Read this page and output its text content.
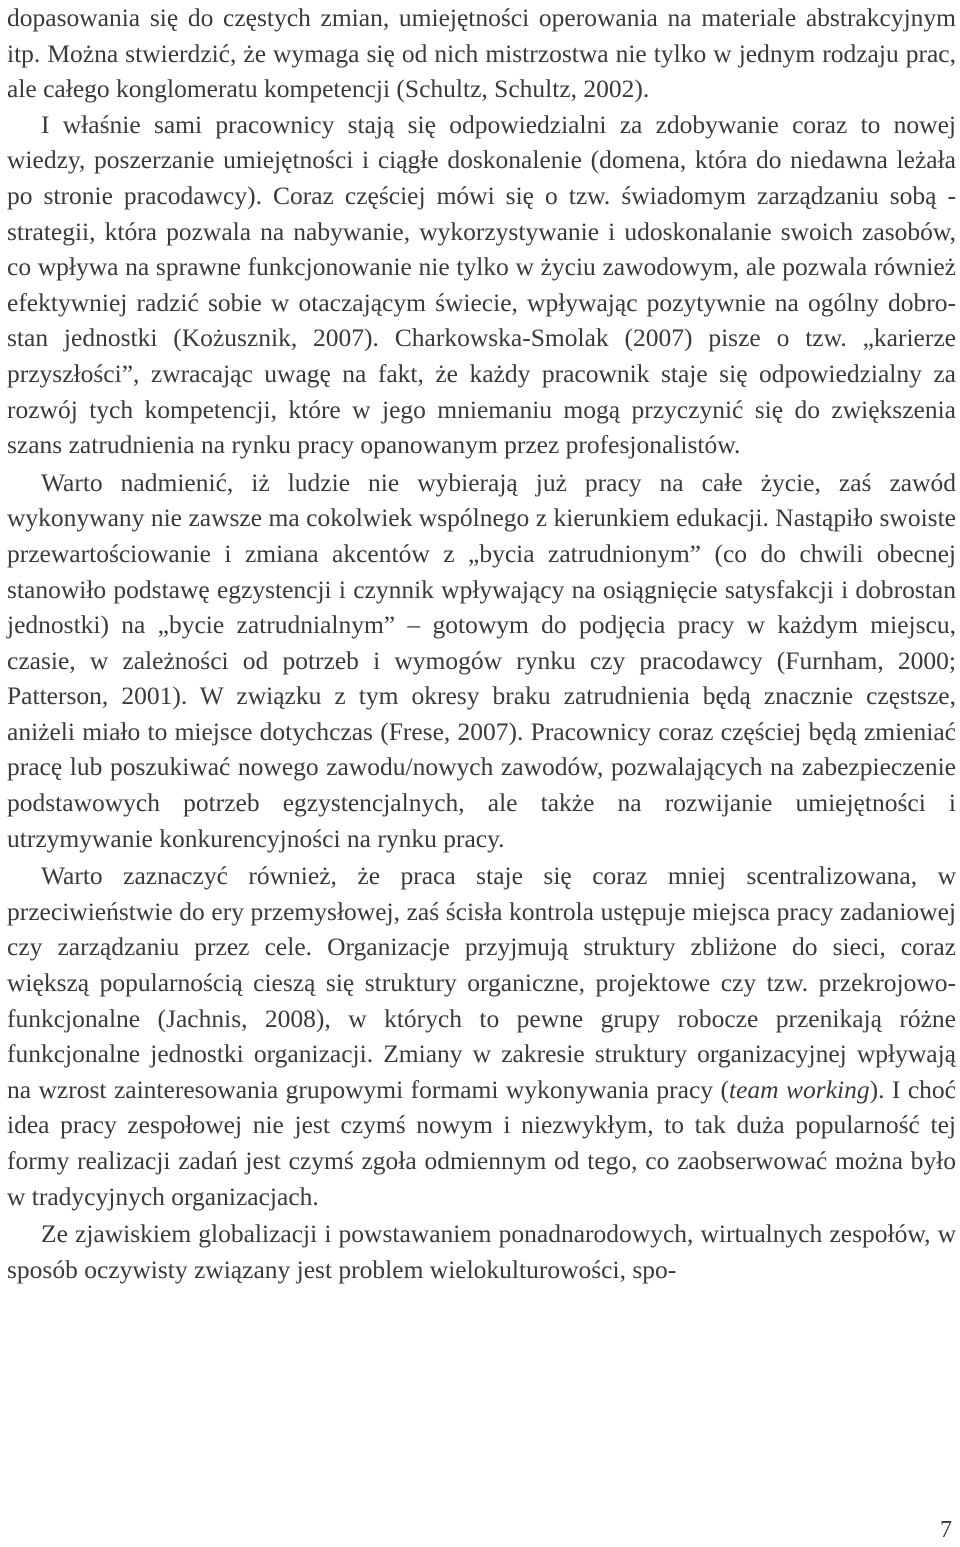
dopasowania się do częstych zmian, umiejętności operowania na materiale abstrakcyjnym itp. Można stwierdzić, że wymaga się od nich mistrzostwa nie tylko w jednym rodzaju prac, ale całego konglomeratu kompetencji (Schultz, Schultz, 2002).

I właśnie sami pracownicy stają się odpowiedzialni za zdobywanie coraz to nowej wiedzy, poszerzanie umiejętności i ciągłe doskonalenie (domena, która do niedawna leżała po stronie pracodawcy). Coraz częściej mówi się o tzw. świadomym zarządzaniu sobą - strategii, która pozwala na nabywanie, wykorzystywanie i udoskonalanie swoich zasobów, co wpływa na sprawne funkcjonowanie nie tylko w życiu zawodowym, ale pozwala również efektywniej radzić sobie w otaczającym świecie, wpływając pozytywnie na ogólny dobrostan jednostki (Kożusznik, 2007). Charkowska-Smolak (2007) pisze o tzw. „karierze przyszłości”, zwracając uwagę na fakt, że każdy pracownik staje się odpowiedzialny za rozwój tych kompetencji, które w jego mniemaniu mogą przyczynić się do zwiększenia szans zatrudnienia na rynku pracy opanowanym przez profesjonalistów.

Warto nadmienić, iż ludzie nie wybierają już pracy na całe życie, zaś zawód wykonywany nie zawsze ma cokolwiek wspólnego z kierunkiem edukacji. Nastąpiło swoiste przewartościowanie i zmiana akcentów z „bycia zatrudnionym” (co do chwili obecnej stanowiło podstawę egzystencji i czynnik wpływający na osiągnięcie satysfakcji i dobrostan jednostki) na „bycie zatrudnialnym” – gotowym do podjęcia pracy w każdym miejscu, czasie, w zależności od potrzeb i wymogów rynku czy pracodawcy (Furnham, 2000; Patterson, 2001). W związku z tym okresy braku zatrudnienia będą znacznie częstsze, aniżeli miało to miejsce dotychczas (Frese, 2007). Pracownicy coraz częściej będą zmieniać pracę lub poszukiwać nowego zawodu/nowych zawodów, pozwalających na zabezpieczenie podstawowych potrzeb egzystencjalnych, ale także na rozwijanie umiejętności i utrzymywanie konkurencyjności na rynku pracy.

Warto zaznaczyć również, że praca staje się coraz mniej scentralizowana, w przeciwieństwie do ery przemysłowej, zaś ścisła kontrola ustępuje miejsca pracy zadaniowej czy zarządzaniu przez cele. Organizacje przyjmują struktury zbliżone do sieci, coraz większą popularnością cieszą się struktury organiczne, projektowe czy tzw. przekrojowo-funkcjonalne (Jachnis, 2008), w których to pewne grupy robocze przenikają różne funkcjonalne jednostki organizacji. Zmiany w zakresie struktury organizacyjnej wpływają na wzrost zainteresowania grupowymi formami wykonywania pracy (team working). I choć idea pracy zespołowej nie jest czymś nowym i niezwykłym, to tak duża popularność tej formy realizacji zadań jest czymś zgoła odmiennym od tego, co zaobserwować można było w tradycyjnych organizacjach.

Ze zjawiskiem globalizacji i powstawaniem ponadnarodowych, wirtualnych zespołów, w sposób oczywisty związany jest problem wielokulturowości, spo-

7
